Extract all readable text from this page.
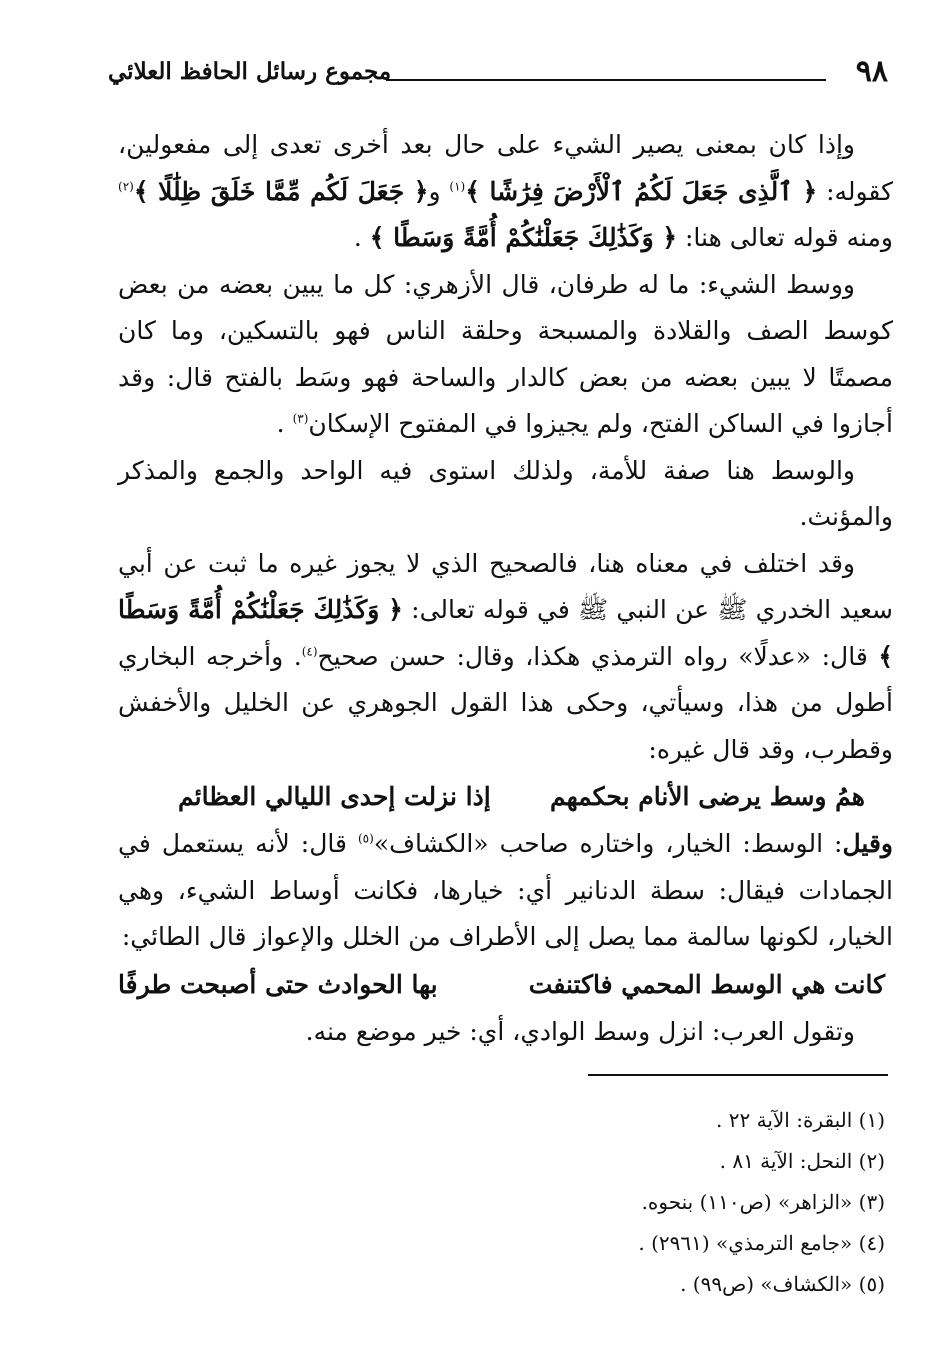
٩٨
مجموع رسائل الحافظ العلائي

وإذا كان بمعنى يصير الشيء على حال بعد أخرى تعدى إلى مفعولين، كقوله: ﴿ ٱلَّذِى جَعَلَ لَكُمُ ٱلْأَرْضَ فِرَٰشًا ﴾$^{(١)}$ و﴿ جَعَلَ لَكُم مِّمَّا خَلَقَ ظِلَٰلًا ﴾$^{(٢)}$ ومنه قوله تعالى هنا: ﴿ وَكَذَٰلِكَ جَعَلْنَٰكُمْ أُمَّةً وَسَطًا ﴾ .

ووسط الشيء: ما له طرفان، قال الأزهري: كل ما يبين بعضه من بعض كوسط الصف والقلادة والمسبحة وحلقة الناس فهو بالتسكين، وما كان مصمتًا لا يبين بعضه من بعض كالدار والساحة فهو وسَط بالفتح قال: وقد أجازوا في الساكن الفتح، ولم يجيزوا في المفتوح الإسكان$^{(٣)}$ .

والوسط هنا صفة للأمة، ولذلك استوى فيه الواحد والجمع والمذكر والمؤنث.

وقد اختلف في معناه هنا، فالصحيح الذي لا يجوز غيره ما ثبت عن أبي سعيد الخدري ﷺ عن النبي ﷺ في قوله تعالى: ﴿ وَكَذَٰلِكَ جَعَلْنَٰكُمْ أُمَّةً وَسَطًا ﴾ قال: «عدلًا» رواه الترمذي هكذا، وقال: حسن صحيح$^{(٤)}$. وأخرجه البخاري أطول من هذا، وسيأتي، وحكى هذا القول الجوهري عن الخليل والأخفش وقطرب، وقد قال غيره:

همُ وسط يرضى الأنام بحكمهم
إذا نزلت إحدى الليالي العظائم

وقيل: الوسط: الخيار، واختاره صاحب «الكشاف»$^{(٥)}$ قال: لأنه يستعمل في الجمادات فيقال: سطة الدنانير أي: خيارها، فكانت أوساط الشيء، وهي الخيار، لكونها سالمة مما يصل إلى الأطراف من الخلل والإعواز قال الطائي:

كانت هي الوسط المحمي فاكتنفت
بها الحوادث حتى أصبحت طرفًا

وتقول العرب: انزل وسط الوادي، أي: خير موضع منه.

(١) البقرة: الآية ٢٢ .
(٢) النحل: الآية ٨١ .
(٣) «الزاهر» (ص١١٠) بنحوه.
(٤) «جامع الترمذي» (٢٩٦١) .
(٥) «الكشاف» (ص٩٩) .
